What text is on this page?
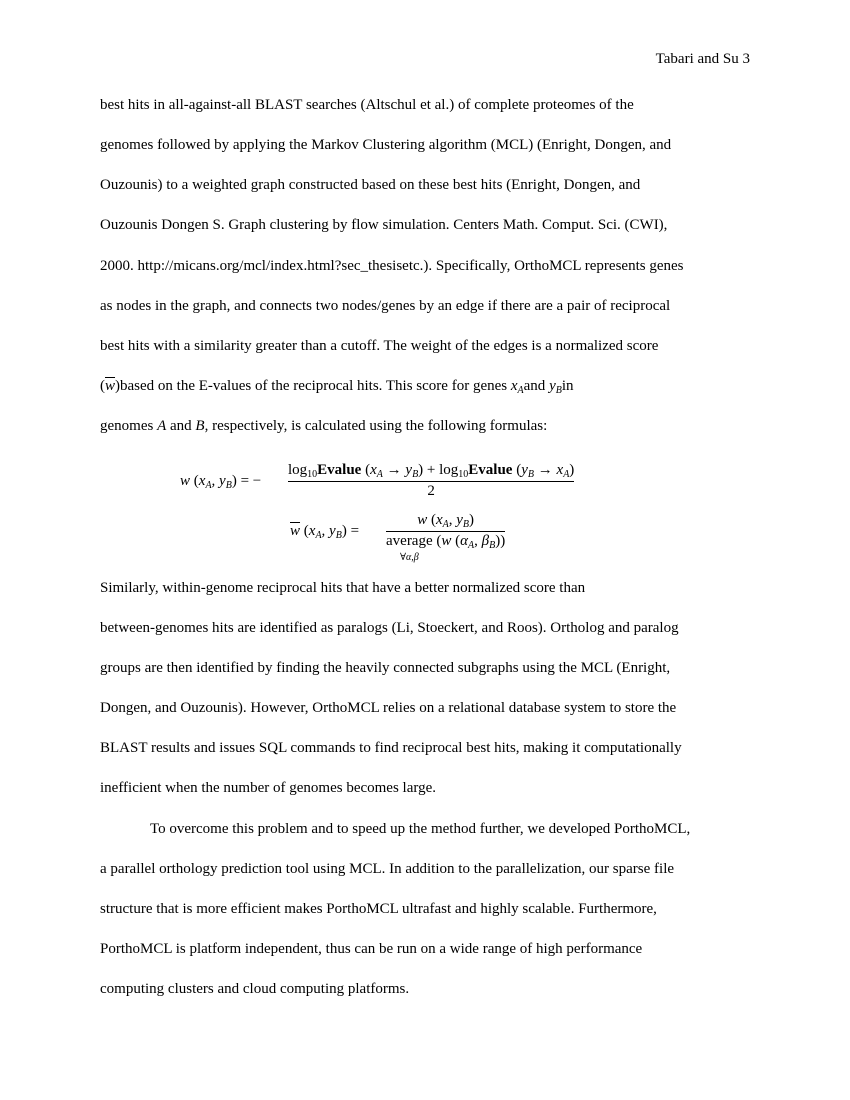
Tabari and Su 3
best hits in all-against-all BLAST searches (Altschul et al.) of complete proteomes of the
genomes followed by applying the Markov Clustering algorithm (MCL) (Enright, Dongen, and
Ouzounis) to a weighted graph constructed based on these best hits (Enright, Dongen, and
Ouzounis Dongen S. Graph clustering by flow simulation. Centers Math. Comput. Sci. (CWI),
2000. http://micans.org/mcl/index.html?sec_thesisetc.). Specifically, OrthoMCL represents genes
as nodes in the graph, and connects two nodes/genes by an edge if there are a pair of reciprocal
best hits with a similarity greater than a cutoff. The weight of the edges is a normalized score
$(\overline{w})based$ on the E-values of the reciprocal hits. This score for genes $x_Aand$ $y_Bin$
genomes A and B, respectively, is calculated using the following formulas:
w ($x_A$, $y_B$) = −
$\log_{10}Evalue$ $(x_A \to y_B)$ + $\log_{10}Evalue$ $(y_B \to x_A)$
2
$\overline{w}$ ($x_A$, $y_B$) =
w ($x_A$, $y_B$)
average (w ($\alpha_A$, $\beta_B$))
∀α,β
Similarly, within-genome reciprocal hits that have a better normalized score than
between-genomes hits are identified as paralogs (Li, Stoeckert, and Roos). Ortholog and paralog
groups are then identified by finding the heavily connected subgraphs using the MCL (Enright,
Dongen, and Ouzounis). However, OrthoMCL relies on a relational database system to store the
BLAST results and issues SQL commands to find reciprocal best hits, making it computationally
inefficient when the number of genomes becomes large.
To overcome this problem and to speed up the method further, we developed PorthoMCL,
a parallel orthology prediction tool using MCL. In addition to the parallelization, our sparse file
structure that is more efficient makes PorthoMCL ultrafast and highly scalable. Furthermore,
PorthoMCL is platform independent, thus can be run on a wide range of high performance
computing clusters and cloud computing platforms.
